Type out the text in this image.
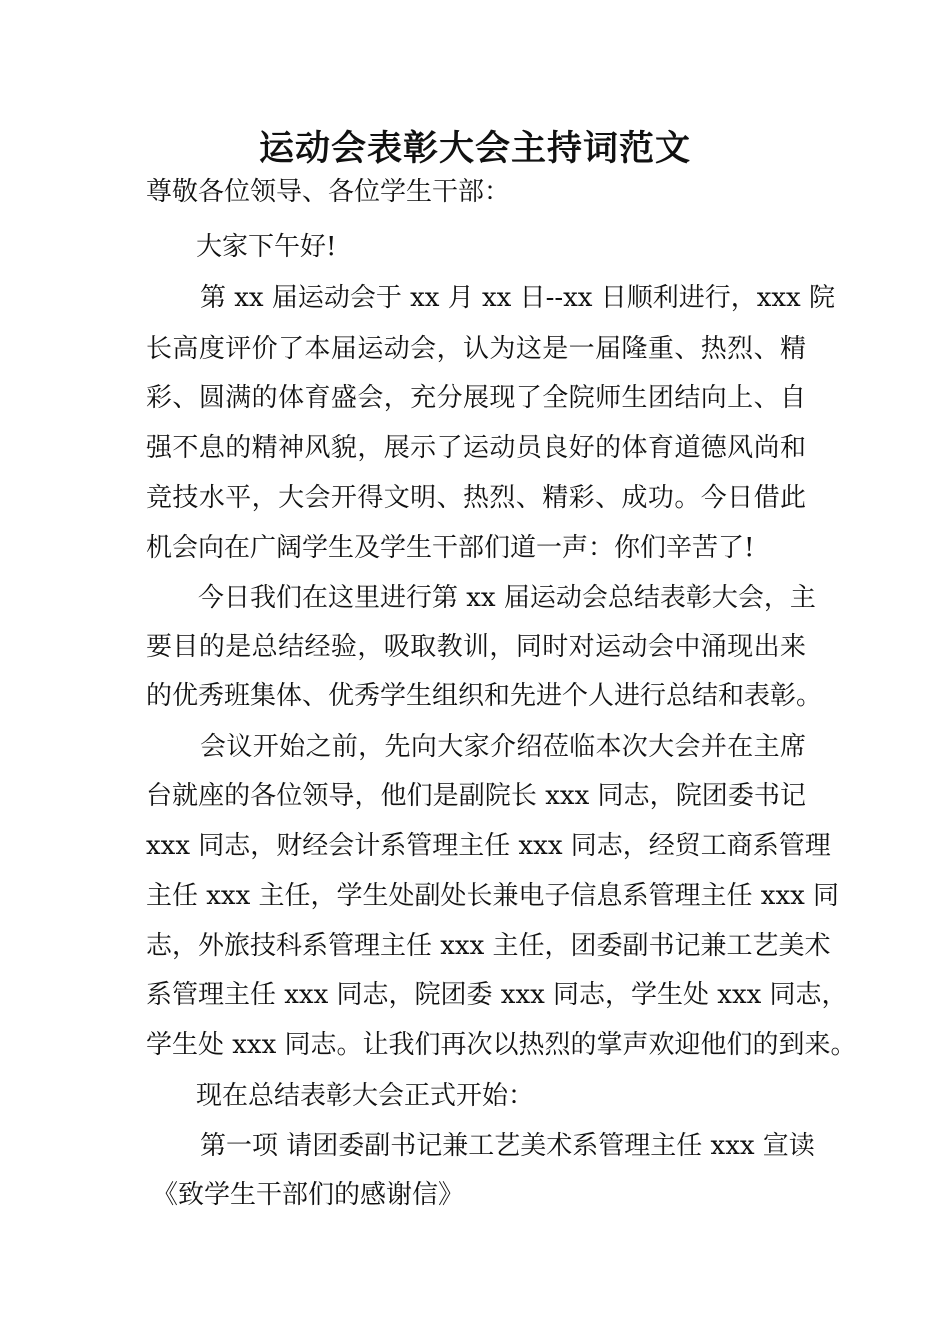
运动会表彰大会主持词范文
尊敬各位领导、各位学生干部：
大家下午好!
第 xx 届运动会于 xx 月 xx 日--xx 日顺利进行，xxx 院
长高度评价了本届运动会，认为这是一届隆重、热烈、精
彩、圆满的体育盛会，充分展现了全院师生团结向上、自
强不息的精神风貌，展示了运动员良好的体育道德风尚和
竞技水平，大会开得文明、热烈、精彩、成功。今日借此
机会向在广阔学生及学生干部们道一声：你们辛苦了!
今日我们在这里进行第 xx 届运动会总结表彰大会，主
要目的是总结经验，吸取教训，同时对运动会中涌现出来
的优秀班集体、优秀学生组织和先进个人进行总结和表彰。
会议开始之前，先向大家介绍莅临本次大会并在主席
台就座的各位领导，他们是副院长 xxx 同志，院团委书记
xxx 同志，财经会计系管理主任 xxx 同志，经贸工商系管理
主任 xxx 主任，学生处副处长兼电子信息系管理主任 xxx 同
志，外旅技科系管理主任 xxx 主任，团委副书记兼工艺美术
系管理主任 xxx 同志，院团委 xxx 同志，学生处 xxx 同志，
学生处 xxx 同志。让我们再次以热烈的掌声欢迎他们的到来。
现在总结表彰大会正式开始：
第一项 请团委副书记兼工艺美术系管理主任 xxx 宣读
《致学生干部们的感谢信》
